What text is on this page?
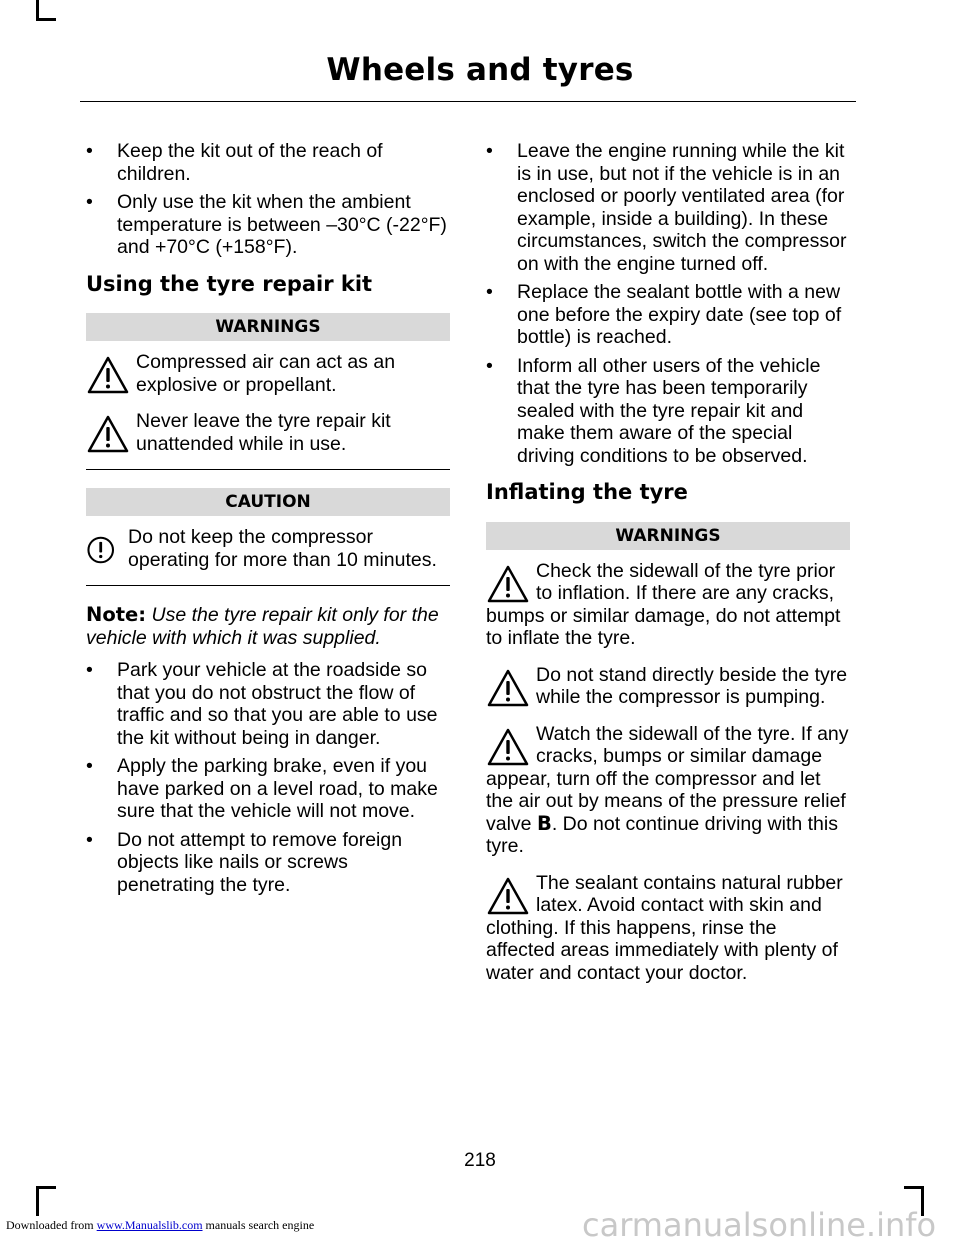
Wheels and tyres
• Keep the kit out of the reach of children.
• Only use the kit when the ambient temperature is between –30°C (-22°F) and +70°C (+158°F).
Using the tyre repair kit
WARNINGS

Compressed air can act as an explosive or propellant.

Never leave the tyre repair kit unattended while in use.

CAUTION

Do not keep the compressor operating for more than 10 minutes.

Note: Use the tyre repair kit only for the vehicle with which it was supplied.
• Park your vehicle at the roadside so that you do not obstruct the flow of traffic and so that you are able to use the kit without being in danger.
• Apply the parking brake, even if you have parked on a level road, to make sure that the vehicle will not move.
• Do not attempt to remove foreign objects like nails or screws penetrating the tyre.
• Leave the engine running while the kit is in use, but not if the vehicle is in an enclosed or poorly ventilated area (for example, inside a building). In these circumstances, switch the compressor on with the engine turned off.
• Replace the sealant bottle with a new one before the expiry date (see top of bottle) is reached.
• Inform all other users of the vehicle that the tyre has been temporarily sealed with the tyre repair kit and make them aware of the special driving conditions to be observed.
Inflating the tyre
WARNINGS

Check the sidewall of the tyre prior to inflation. If there are any cracks, bumps or similar damage, do not attempt to inflate the tyre.

Do not stand directly beside the tyre while the compressor is pumping.

Watch the sidewall of the tyre. If any cracks, bumps or similar damage appear, turn off the compressor and let the air out by means of the pressure relief valve B. Do not continue driving with this tyre.

The sealant contains natural rubber latex. Avoid contact with skin and clothing. If this happens, rinse the affected areas immediately with plenty of water and contact your doctor.

218
Downloaded from www.Manualslib.com manuals search engine	carmanualsonline.info
